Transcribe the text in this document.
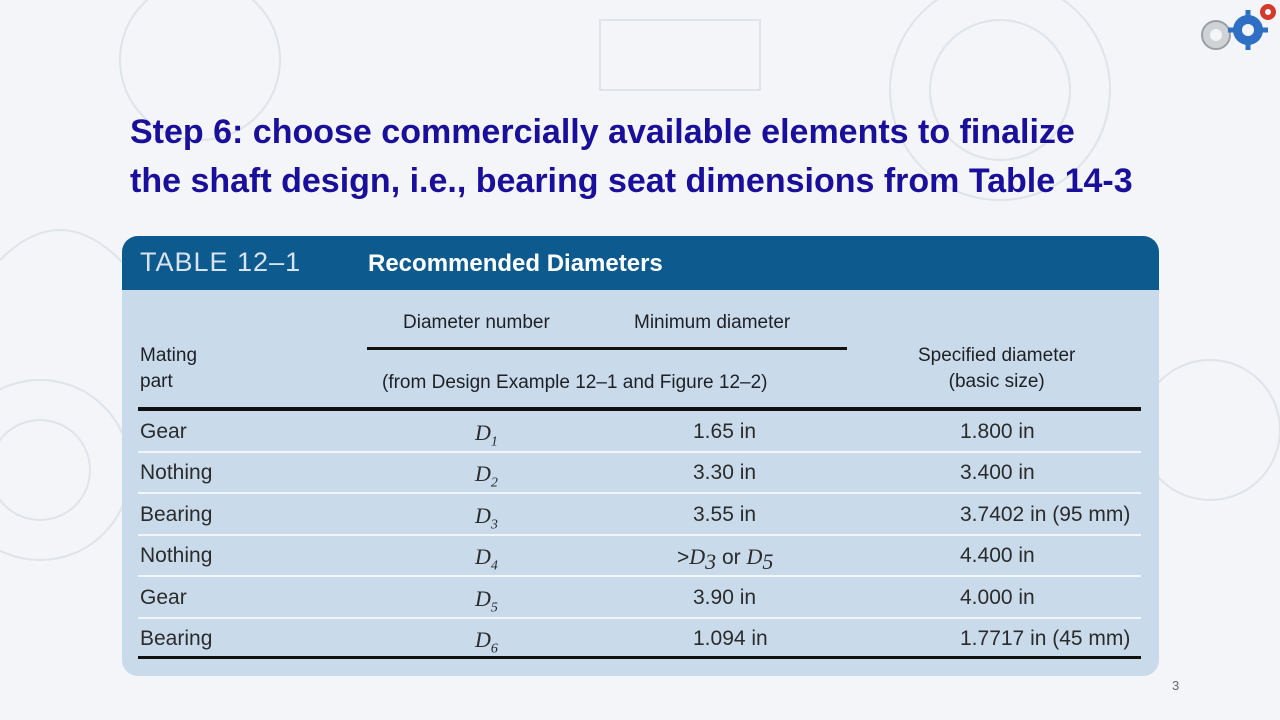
Step 6: choose commercially available elements to finalize
the shaft design, i.e., bearing seat dimensions from Table 14-3
TABLE 12–1	Recommended Diameters
Mating
part
Diameter number	Minimum diameter
(from Design Example 12–1 and Figure 12–2)
Specified diameter
(basic size)
Gear	$D_1$	1.65 in	1.800 in
Nothing	$D_2$	3.30 in	3.400 in
Bearing	$D_3$	3.55 in	3.7402 in (95 mm)
Nothing	$D_4$	$>D_3$ or $D_5$	4.400 in
Gear	$D_5$	3.90 in	4.000 in
Bearing	$D_6$	1.094 in	1.7717 in (45 mm)
3
